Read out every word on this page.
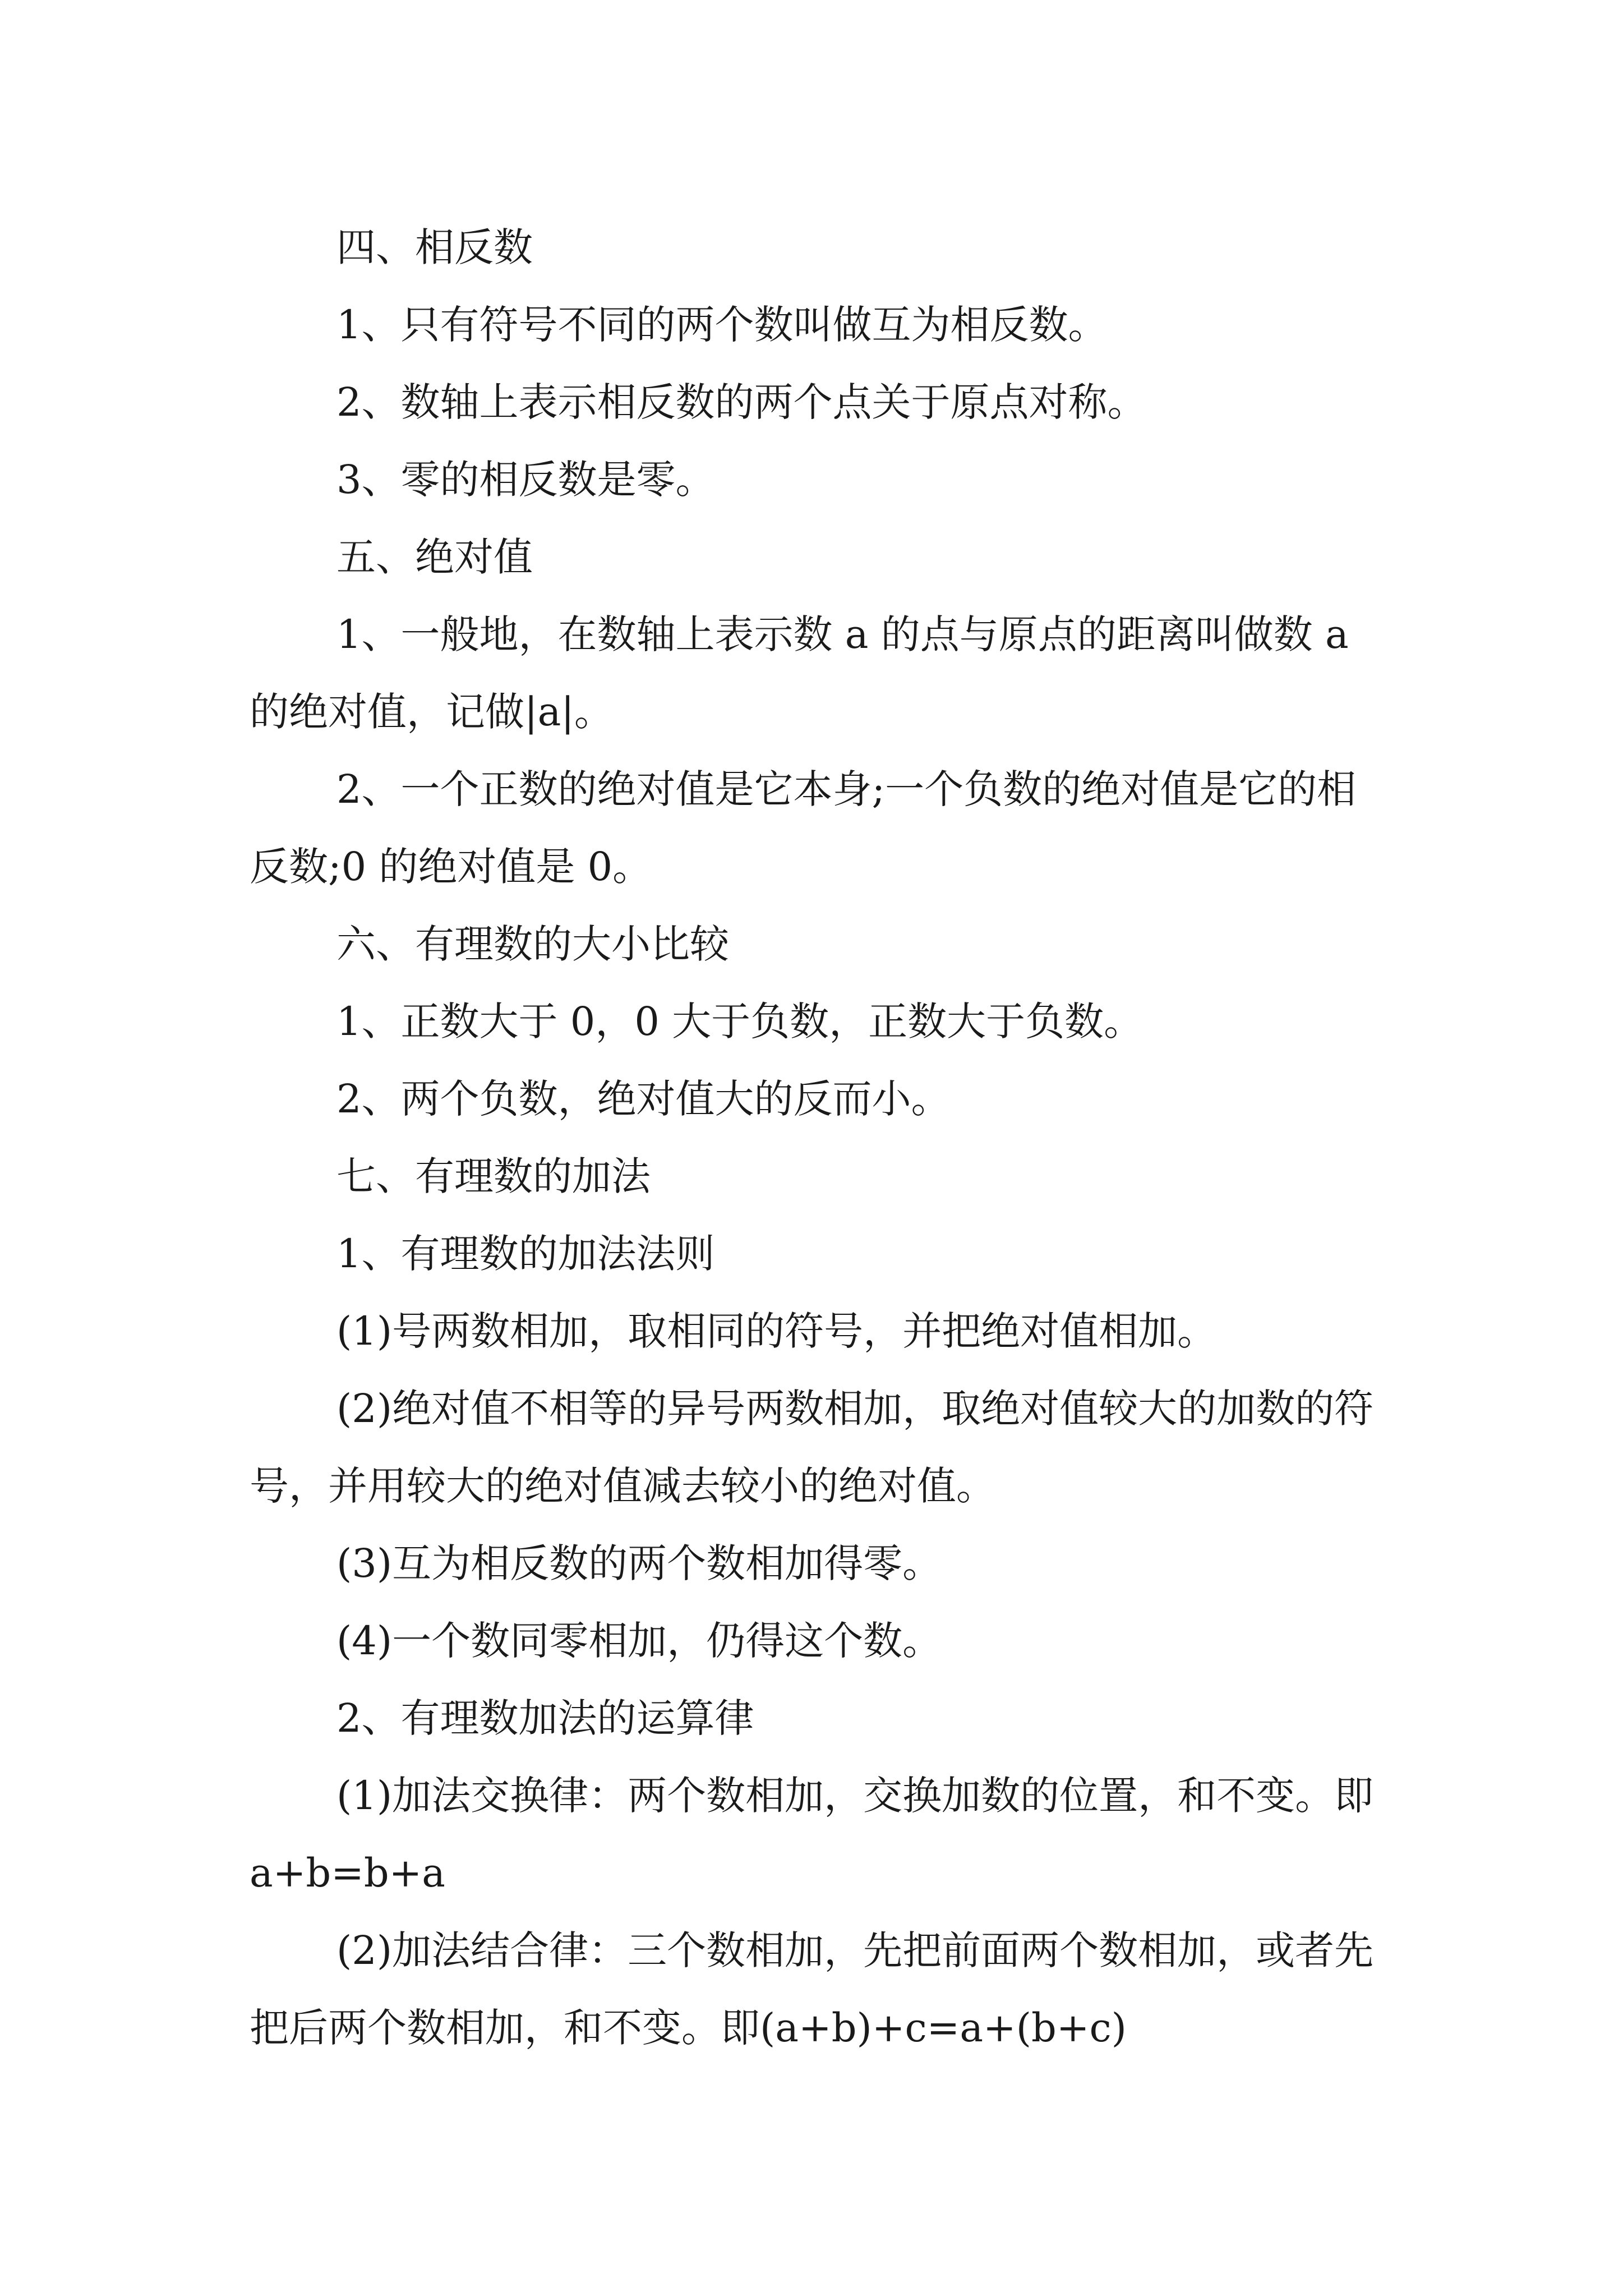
四、相反数

1、只有符号不同的两个数叫做互为相反数。

2、数轴上表示相反数的两个点关于原点对称。

3、零的相反数是零。

五、绝对值

1、一般地，在数轴上表示数 a 的点与原点的距离叫做数 a 的绝对值，记做|a|。

2、一个正数的绝对值是它本身;一个负数的绝对值是它的相反数;0 的绝对值是 0。

六、有理数的大小比较

1、正数大于 0，0 大于负数，正数大于负数。

2、两个负数，绝对值大的反而小。

七、有理数的加法

1、有理数的加法法则

(1)号两数相加，取相同的符号，并把绝对值相加。

(2)绝对值不相等的异号两数相加，取绝对值较大的加数的符号，并用较大的绝对值减去较小的绝对值。

(3)互为相反数的两个数相加得零。

(4)一个数同零相加，仍得这个数。

2、有理数加法的运算律

(1)加法交换律：两个数相加，交换加数的位置，和不变。即 a+b=b+a

(2)加法结合律：三个数相加，先把前面两个数相加，或者先把后两个数相加，和不变。即(a+b)+c=a+(b+c)
